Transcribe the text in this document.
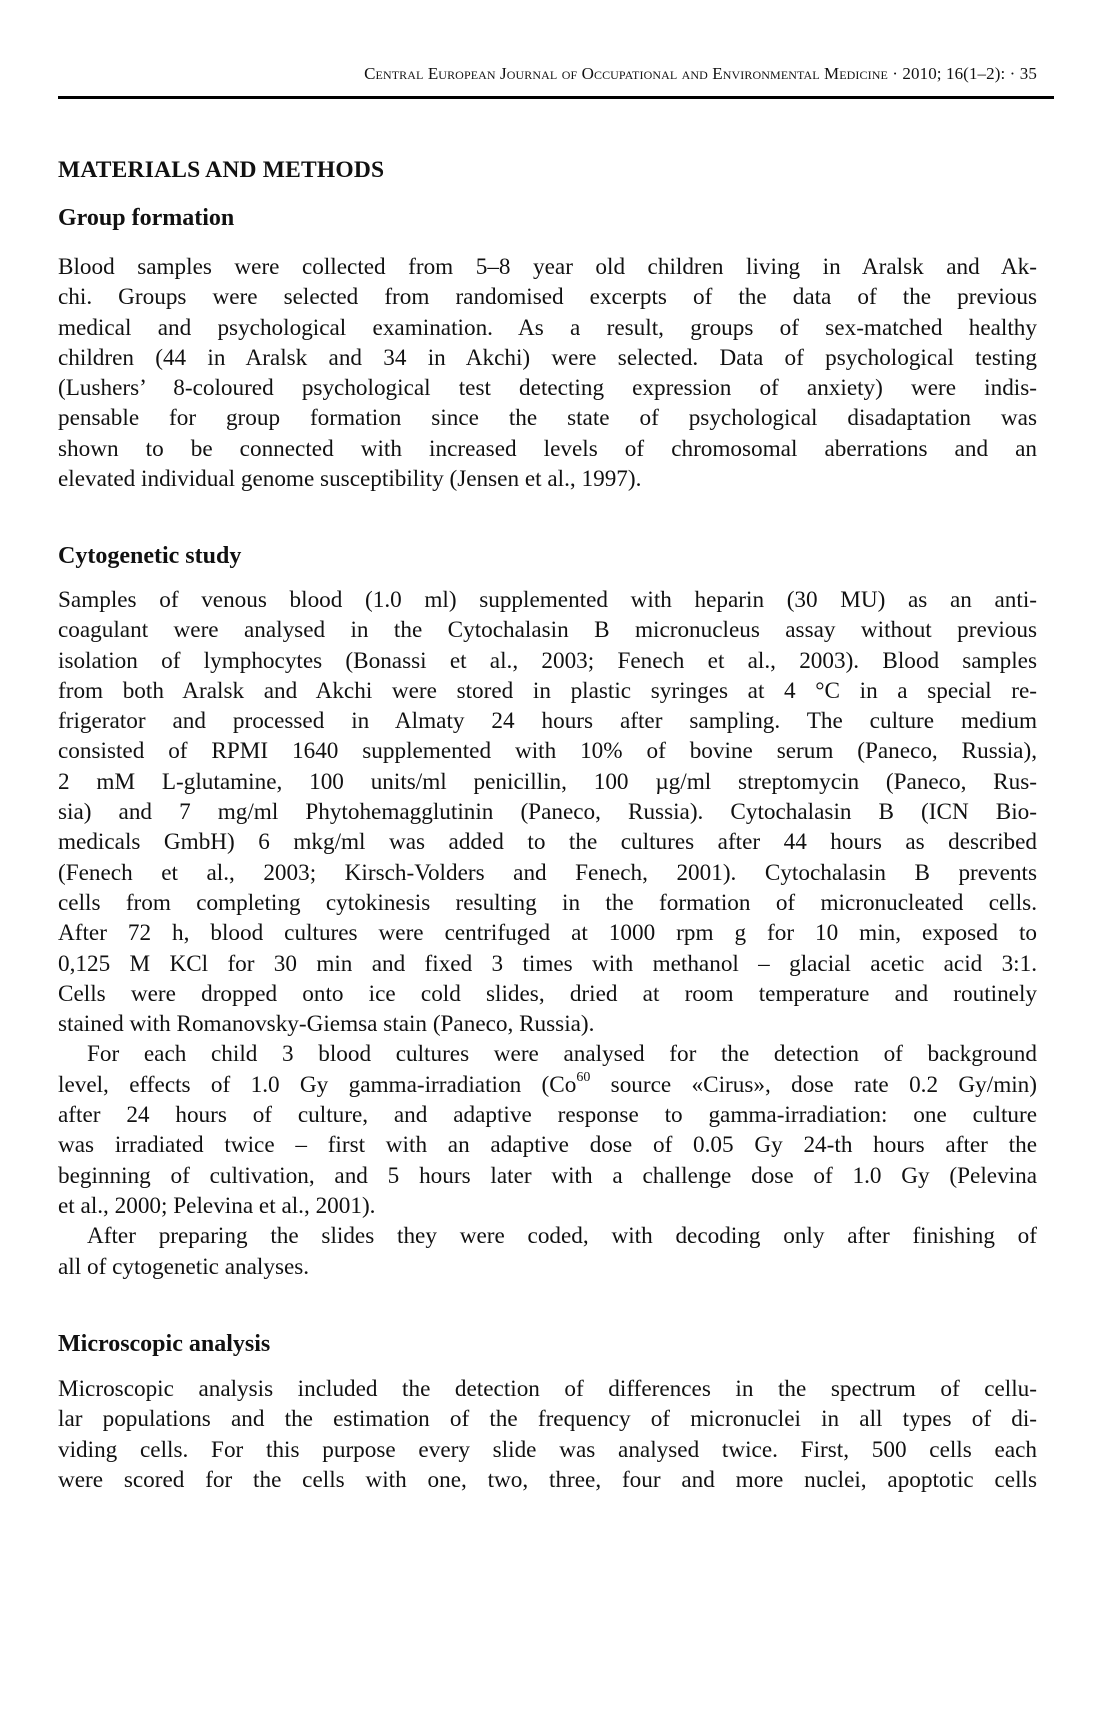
Central European Journal of Occupational and Environmental Medicine · 2010; 16(1–2): · 35
MATERIALS AND METHODS
Group formation
Blood samples were collected from 5–8 year old children living in Aralsk and Ak-
chi. Groups were selected from randomised excerpts of the data of the previous
medical and psychological examination. As a result, groups of sex-matched healthy
children (44 in Aralsk and 34 in Akchi) were selected. Data of psychological testing
(Lushers’ 8-coloured psychological test detecting expression of anxiety) were indis-
pensable for group formation since the state of psychological disadaptation was
shown to be connected with increased levels of chromosomal aberrations and an
elevated individual genome susceptibility (Jensen et al., 1997).
Cytogenetic study
Samples of venous blood (1.0 ml) supplemented with heparin (30 MU) as an anti-
coagulant were analysed in the Cytochalasin B micronucleus assay without previous
isolation of lymphocytes (Bonassi et al., 2003; Fenech et al., 2003). Blood samples
from both Aralsk and Akchi were stored in plastic syringes at 4 °C in a special re-
frigerator and processed in Almaty 24 hours after sampling. The culture medium
consisted of RPMI 1640 supplemented with 10% of bovine serum (Paneco, Russia),
2 mM L-glutamine, 100 units/ml penicillin, 100 µg/ml streptomycin (Paneco, Rus-
sia) and 7 mg/ml Phytohemagglutinin (Paneco, Russia). Cytochalasin B (ICN Bio-
medicals GmbH) 6 mkg/ml was added to the cultures after 44 hours as described
(Fenech et al., 2003; Kirsch-Volders and Fenech, 2001). Cytochalasin B prevents
cells from completing cytokinesis resulting in the formation of micronucleated cells.
After 72 h, blood cultures were centrifuged at 1000 rpm g for 10 min, exposed to
0,125 M KCl for 30 min and fixed 3 times with methanol – glacial acetic acid 3:1.
Cells were dropped onto ice cold slides, dried at room temperature and routinely
stained with Romanovsky-Giemsa stain (Paneco, Russia).
For each child 3 blood cultures were analysed for the detection of background
level, effects of 1.0 Gy gamma-irradiation (Co$^{60}$ source «Cirus», dose rate 0.2 Gy/min)
after 24 hours of culture, and adaptive response to gamma-irradiation: one culture
was irradiated twice – first with an adaptive dose of 0.05 Gy 24-th hours after the
beginning of cultivation, and 5 hours later with a challenge dose of 1.0 Gy (Pelevina
et al., 2000; Pelevina et al., 2001).
After preparing the slides they were coded, with decoding only after finishing of
all of cytogenetic analyses.
Microscopic analysis
Microscopic analysis included the detection of differences in the spectrum of cellu-
lar populations and the estimation of the frequency of micronuclei in all types of di-
viding cells. For this purpose every slide was analysed twice. First, 500 cells each
were scored for the cells with one, two, three, four and more nuclei, apoptotic cells
